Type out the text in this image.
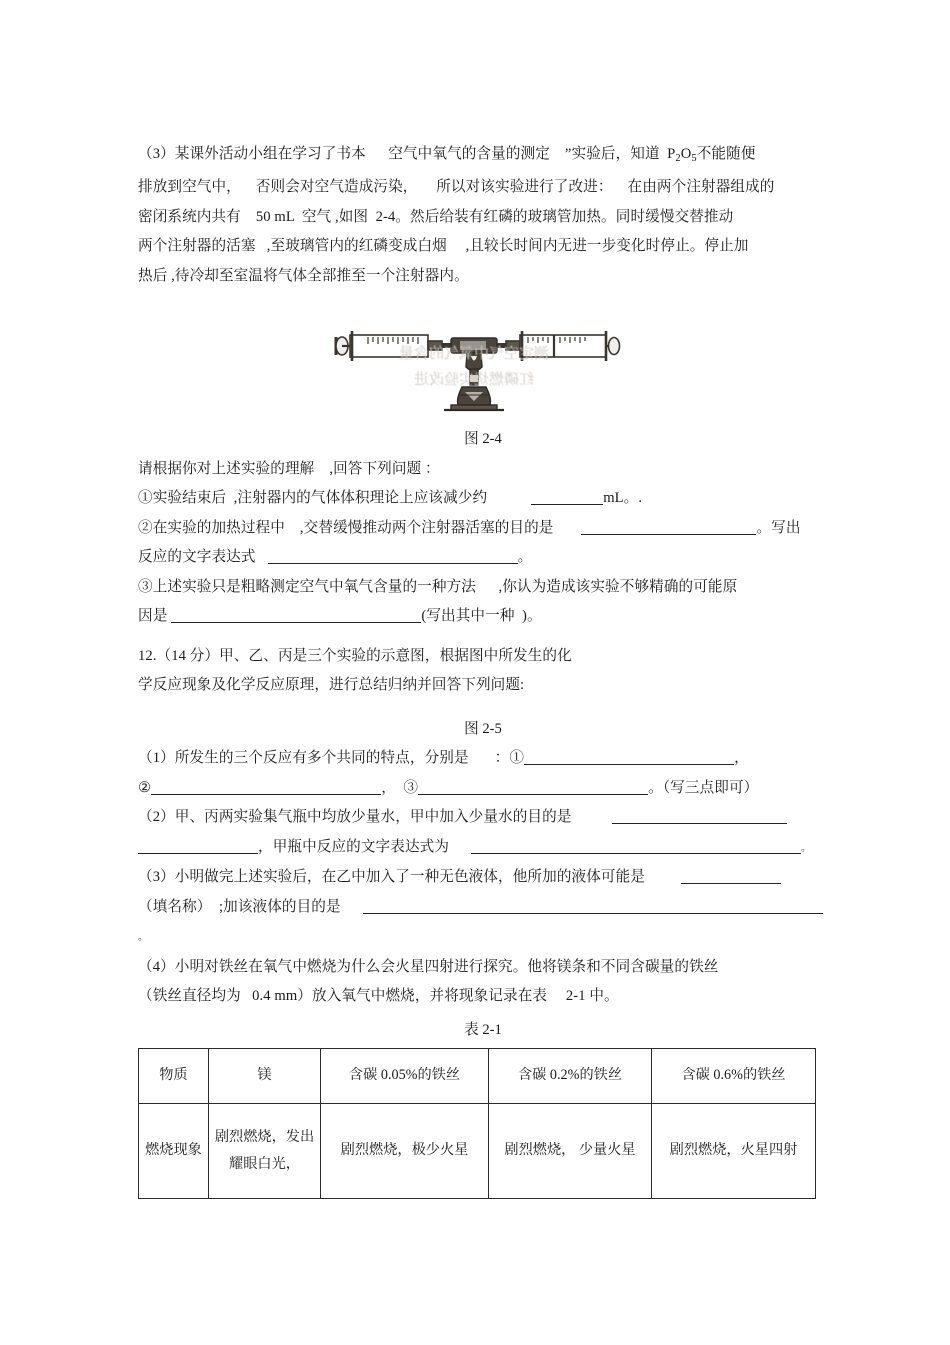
（3）某课外活动小组在学习了书本      空气中氧气的含量的测定    ”实验后，知道  $P_2O_5$不能随便
排放到空气中，    否则会对空气造成污染，     所以对该实验进行了改进：    在由两个注射器组成的
密闭系统内共有    50 mL  空气 ,如图  2-4。然后给装有红磷的玻璃管加热。同时缓慢交替推动
两个注射器的活塞   ,至玻璃管内的红磷变成白烟     ,且较长时间内无进一步变化时停止。停止加
热后 ,待冷却至室温将气体全部推至一个注射器内。
测定空气中氧气的含量
红磷燃烧实验改进
图 2-4
请根据你对上述实验的理解    ,回答下列问题 ：
①实验结束后  ,注射器内的气体体积理论上应该减少约	mL。.
②在实验的加热过程中    ,交替缓慢推动两个注射器活塞的目的是	。写出
反应的文字表达式	。
③上述实验只是粗略测定空气中氧气含量的一种方法      ,你认为造成该实验不够精确的可能原
因是	(写出其中一种  )。
12.（14 分）甲、乙、丙是三个实验的示意图，根据图中所发生的化
学反应现象及化学反应原理，进行总结归纳并回答下列问题:
图 2-5
（1）所发生的三个反应有多个共同的特点，分别是 ：①	，
②	，  ③	。（写三点即可）
（2）甲、丙两实验集气瓶中均放少量水，甲中加入少量水的目的是
，甲瓶中反应的文字表达式为	。
（3）小明做完上述实验后，在乙中加入了一种无色液体，他所加的液体可能是
（填名称）  ;加该液体的目的是。
（4）小明对铁丝在氧气中燃烧为什么会火星四射进行探究。他将镁条和不同含碳量的铁丝
（铁丝直径均为   0.4 mm）放入氧气中燃烧，并将现象记录在表     2-1 中。
表 2-1
物质	镁	含碳 0.05%的铁丝	含碳 0.2%的铁丝	含碳 0.6%的铁丝
燃烧现象	剧烈燃烧，发出耀眼白光，	剧烈燃烧，极少火星	剧烈燃烧， 少量火星	剧烈燃烧，火星四射
